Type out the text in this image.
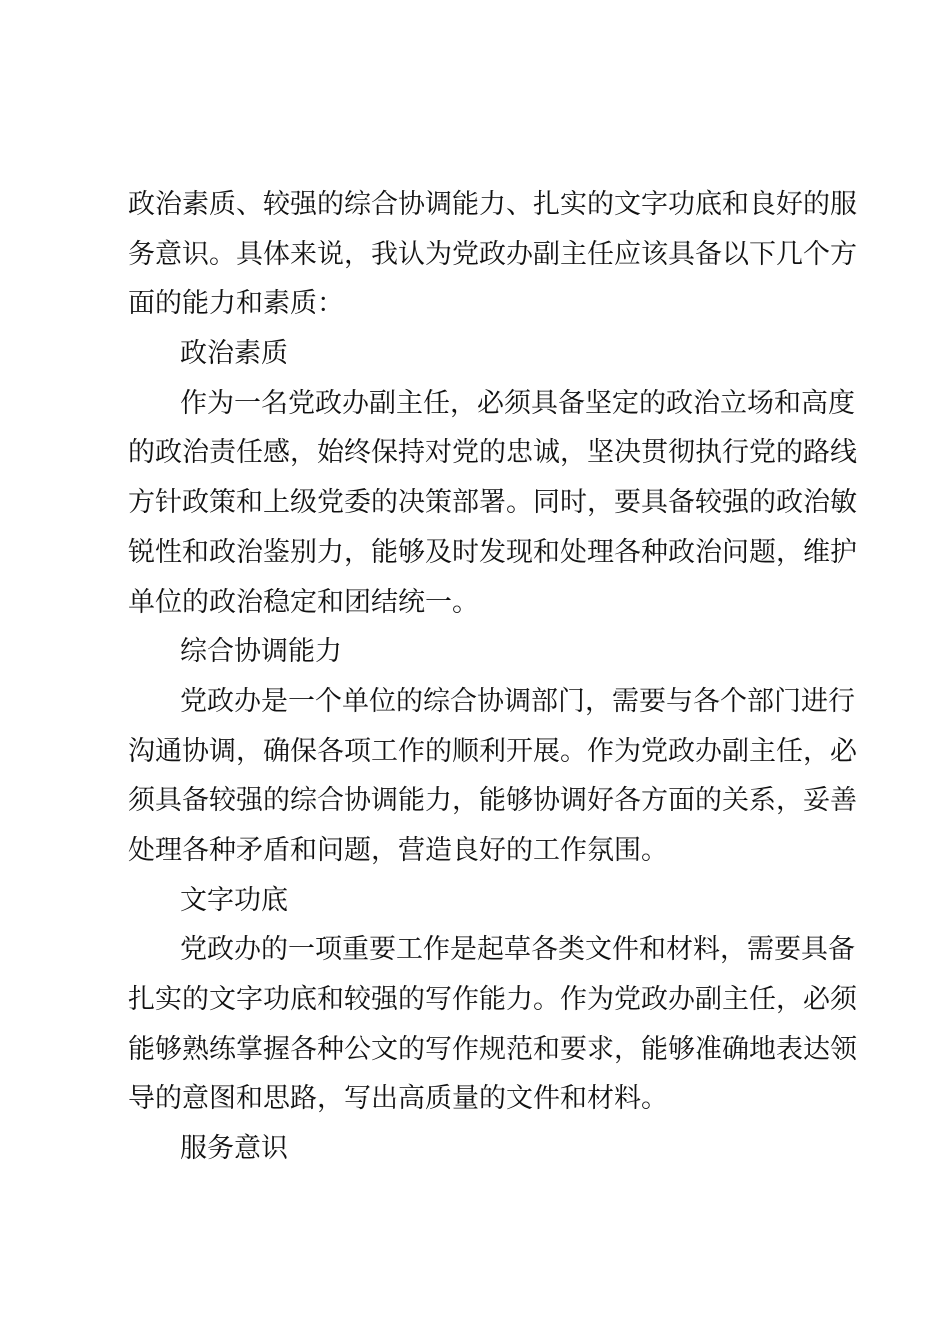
政 治 素 质 、 较 强 的 综 合 协 调 能 力 、 扎 实 的 文 字 功 底 和 良 好 的 服
务 意 识 。 具 体 来 说 ， 我 认 为 党 政 办 副 主 任 应 该 具 备 以 下 几 个 方
面的能力和素质：
政治素质
作 为 一 名 党 政 办 副 主 任 ， 必 须 具 备 坚 定 的 政 治 立 场 和 高 度
的 政 治 责 任 感 ， 始 终 保 持 对 党 的 忠 诚 ， 坚 决 贯 彻 执 行 党 的 路 线
方 针 政 策 和 上 级 党 委 的 决 策 部 署 。 同 时 ， 要 具 备 较 强 的 政 治 敏
锐 性 和 政 治 鉴 别 力 ， 能 够 及 时 发 现 和 处 理 各 种 政 治 问 题 ， 维 护
单位的政治稳定和团结统一。
综合协调能力
党 政 办 是 一 个 单 位 的 综 合 协 调 部 门 ， 需 要 与 各 个 部 门 进 行
沟 通 协 调 ， 确 保 各 项 工 作 的 顺 利 开 展 。 作 为 党 政 办 副 主 任 ， 必
须 具 备 较 强 的 综 合 协 调 能 力 ， 能 够 协 调 好 各 方 面 的 关 系 ， 妥 善
处理各种矛盾和问题，营造良好的工作氛围。
文字功底
党 政 办 的 一 项 重 要 工 作 是 起 草 各 类 文 件 和 材 料 ， 需 要 具 备
扎 实 的 文 字 功 底 和 较 强 的 写 作 能 力 。 作 为 党 政 办 副 主 任 ， 必 须
能 够 熟 练 掌 握 各 种 公 文 的 写 作 规 范 和 要 求 ， 能 够 准 确 地 表 达 领
导的意图和思路，写出高质量的文件和材料。
服务意识
